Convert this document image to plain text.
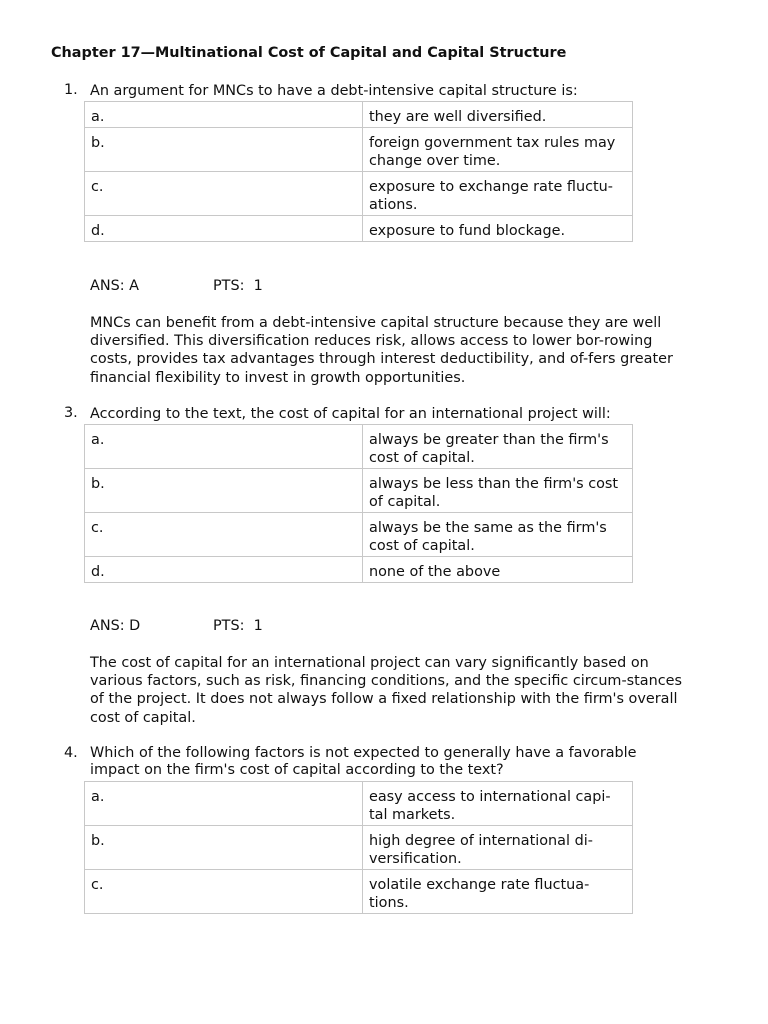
Chapter 17—Multinational Cost of Capital and Capital Structure
1. An argument for MNCs to have a debt-intensive capital structure is:
a.	they are well diversified.
b.	foreign government tax rules may change over time.
c.	exposure to exchange rate fluctu-ations.
d.	exposure to fund blockage.
ANS: A	PTS:  1
MNCs can benefit from a debt-intensive capital structure because they are well diversified. This diversification reduces risk, allows access to lower bor-rowing costs, provides tax advantages through interest deductibility, and of-fers greater financial flexibility to invest in growth opportunities.
3. According to the text, the cost of capital for an international project will:
a.	always be greater than the firm's cost of capital.
b.	always be less than the firm's cost of capital.
c.	always be the same as the firm's cost of capital.
d.	none of the above
ANS: D	PTS:  1
The cost of capital for an international project can vary significantly based on various factors, such as risk, financing conditions, and the specific circum-stances of the project. It does not always follow a fixed relationship with the firm's overall cost of capital.
4. Which of the following factors is not expected to generally have a favorable impact on the firm's cost of capital according to the text?
a.	easy access to international capi-tal markets.
b.	high degree of international di-versification.
c.	volatile exchange rate fluctua-tions.
